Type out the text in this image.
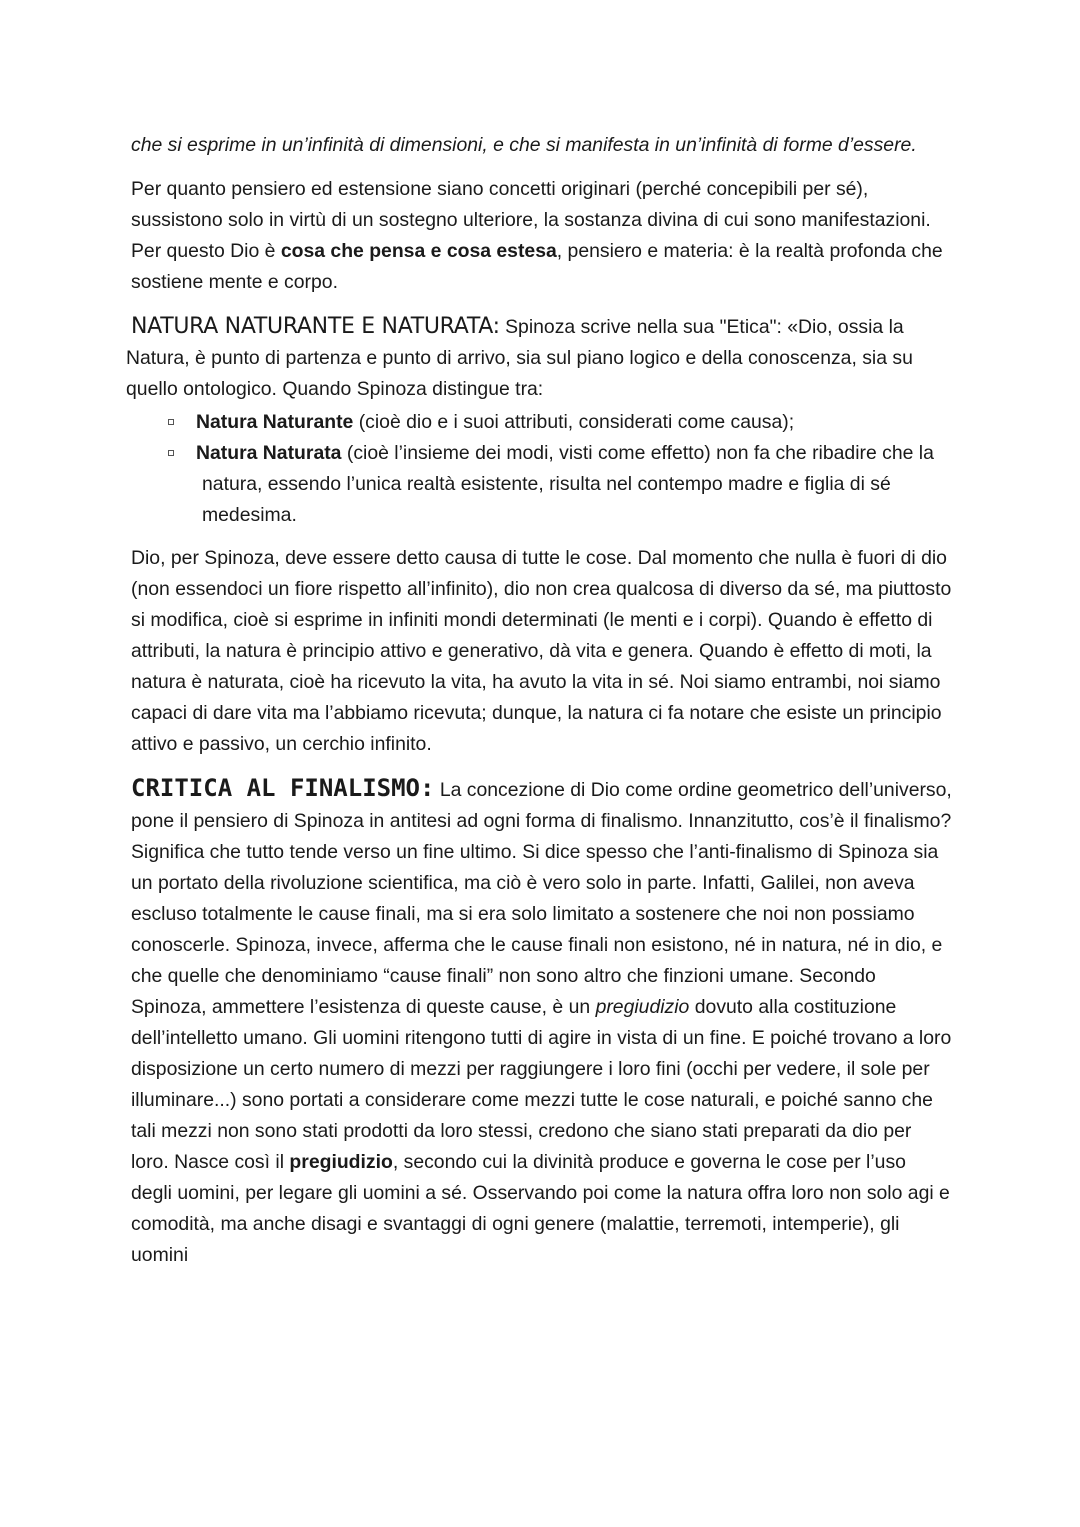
che si esprime in un’infinità di dimensioni, e che si manifesta in un’infinità di forme d’essere.

Per quanto pensiero ed estensione siano concetti originari (perché concepibili per sé), sussistono solo in virtù di un sostegno ulteriore, la sostanza divina di cui sono manifestazioni. Per questo Dio è cosa che pensa e cosa estesa, pensiero e materia: è la realtà profonda che sostiene mente e corpo.

NATURA NATURANTE E NATURATA: Spinoza scrive nella sua "Etica": «Dio, ossia la Natura, è punto di partenza e punto di arrivo, sia sul piano logico e della conoscenza, sia su quello ontologico. Quando Spinoza distingue tra:

Natura Naturante (cioè dio e i suoi attributi, considerati come causa);
Natura Naturata (cioè l’insieme dei modi, visti come effetto) non fa che ribadire che la natura, essendo l’unica realtà esistente, risulta nel contempo madre e figlia di sé medesima.

Dio, per Spinoza, deve essere detto causa di tutte le cose. Dal momento che nulla è fuori di dio (non essendoci un fiore rispetto all’infinito), dio non crea qualcosa di diverso da sé, ma piuttosto si modifica, cioè si esprime in infiniti mondi determinati (le menti e i corpi). Quando è effetto di attributi, la natura è principio attivo e generativo, dà vita e genera. Quando è effetto di moti, la natura è naturata, cioè ha ricevuto la vita, ha avuto la vita in sé. Noi siamo entrambi, noi siamo capaci di dare vita ma l’abbiamo ricevuta; dunque, la natura ci fa notare che esiste un principio attivo e passivo, un cerchio infinito.

CRITICA AL FINALISMO: La concezione di Dio come ordine geometrico dell’universo, pone il pensiero di Spinoza in antitesi ad ogni forma di finalismo. Innanzitutto, cos’è il finalismo? Significa che tutto tende verso un fine ultimo. Si dice spesso che l’anti-finalismo di Spinoza sia un portato della rivoluzione scientifica, ma ciò è vero solo in parte. Infatti, Galilei, non aveva escluso totalmente le cause finali, ma si era solo limitato a sostenere che noi non possiamo conoscerle. Spinoza, invece, afferma che le cause finali non esistono, né in natura, né in dio, e che quelle che denominiamo “cause finali” non sono altro che finzioni umane. Secondo Spinoza, ammettere l’esistenza di queste cause, è un pregiudizio dovuto alla costituzione dell’intelletto umano. Gli uomini ritengono tutti di agire in vista di un fine. E poiché trovano a loro disposizione un certo numero di mezzi per raggiungere i loro fini (occhi per vedere, il sole per illuminare...) sono portati a considerare come mezzi tutte le cose naturali, e poiché sanno che tali mezzi non sono stati prodotti da loro stessi, credono che siano stati preparati da dio per loro. Nasce così il pregiudizio, secondo cui la divinità produce e governa le cose per l’uso degli uomini, per legare gli uomini a sé. Osservando poi come la natura offra loro non solo agi e comodità, ma anche disagi e svantaggi di ogni genere (malattie, terremoti, intemperie), gli uomini
